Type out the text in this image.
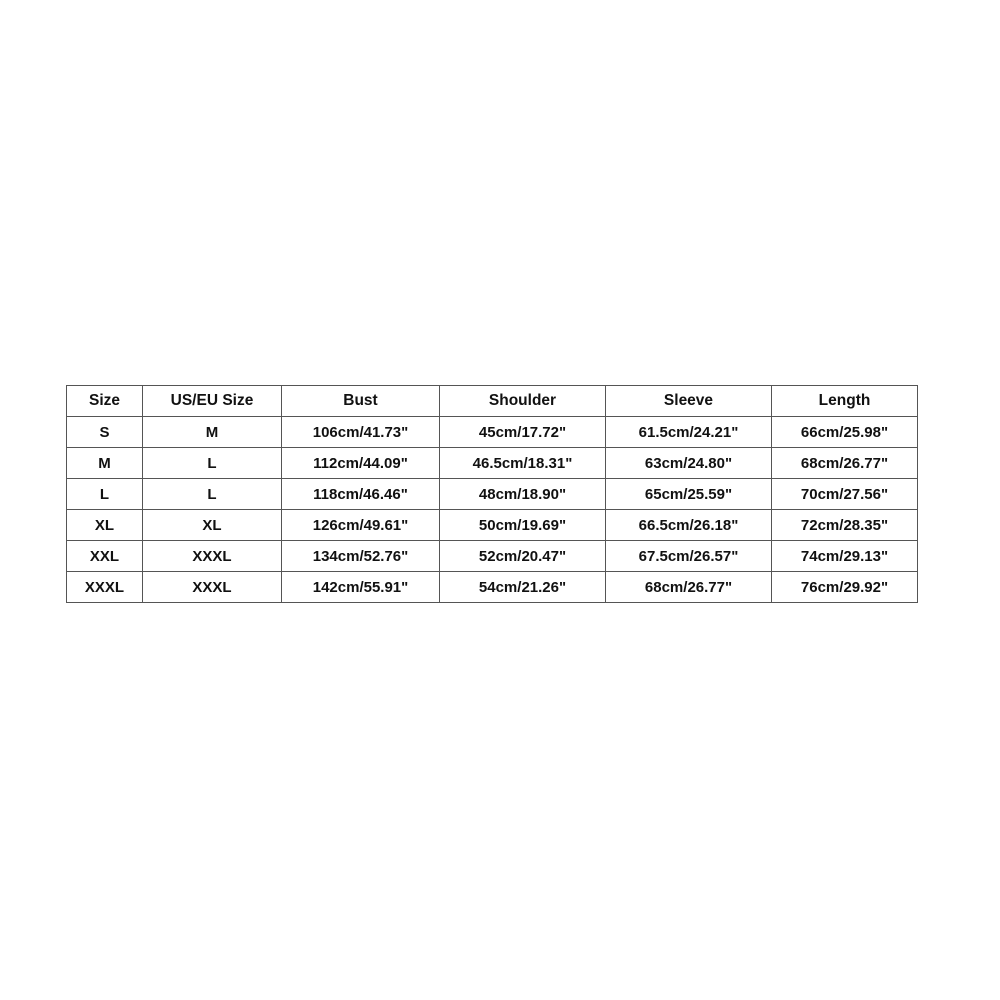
Size	US/EU Size	Bust	Shoulder	Sleeve	Length
S	M	106cm/41.73"	45cm/17.72"	61.5cm/24.21"	66cm/25.98"
M	L	112cm/44.09"	46.5cm/18.31"	63cm/24.80"	68cm/26.77"
L	L	118cm/46.46"	48cm/18.90"	65cm/25.59"	70cm/27.56"
XL	XL	126cm/49.61"	50cm/19.69"	66.5cm/26.18"	72cm/28.35"
XXL	XXXL	134cm/52.76"	52cm/20.47"	67.5cm/26.57"	74cm/29.13"
XXXL	XXXL	142cm/55.91"	54cm/21.26"	68cm/26.77"	76cm/29.92"
